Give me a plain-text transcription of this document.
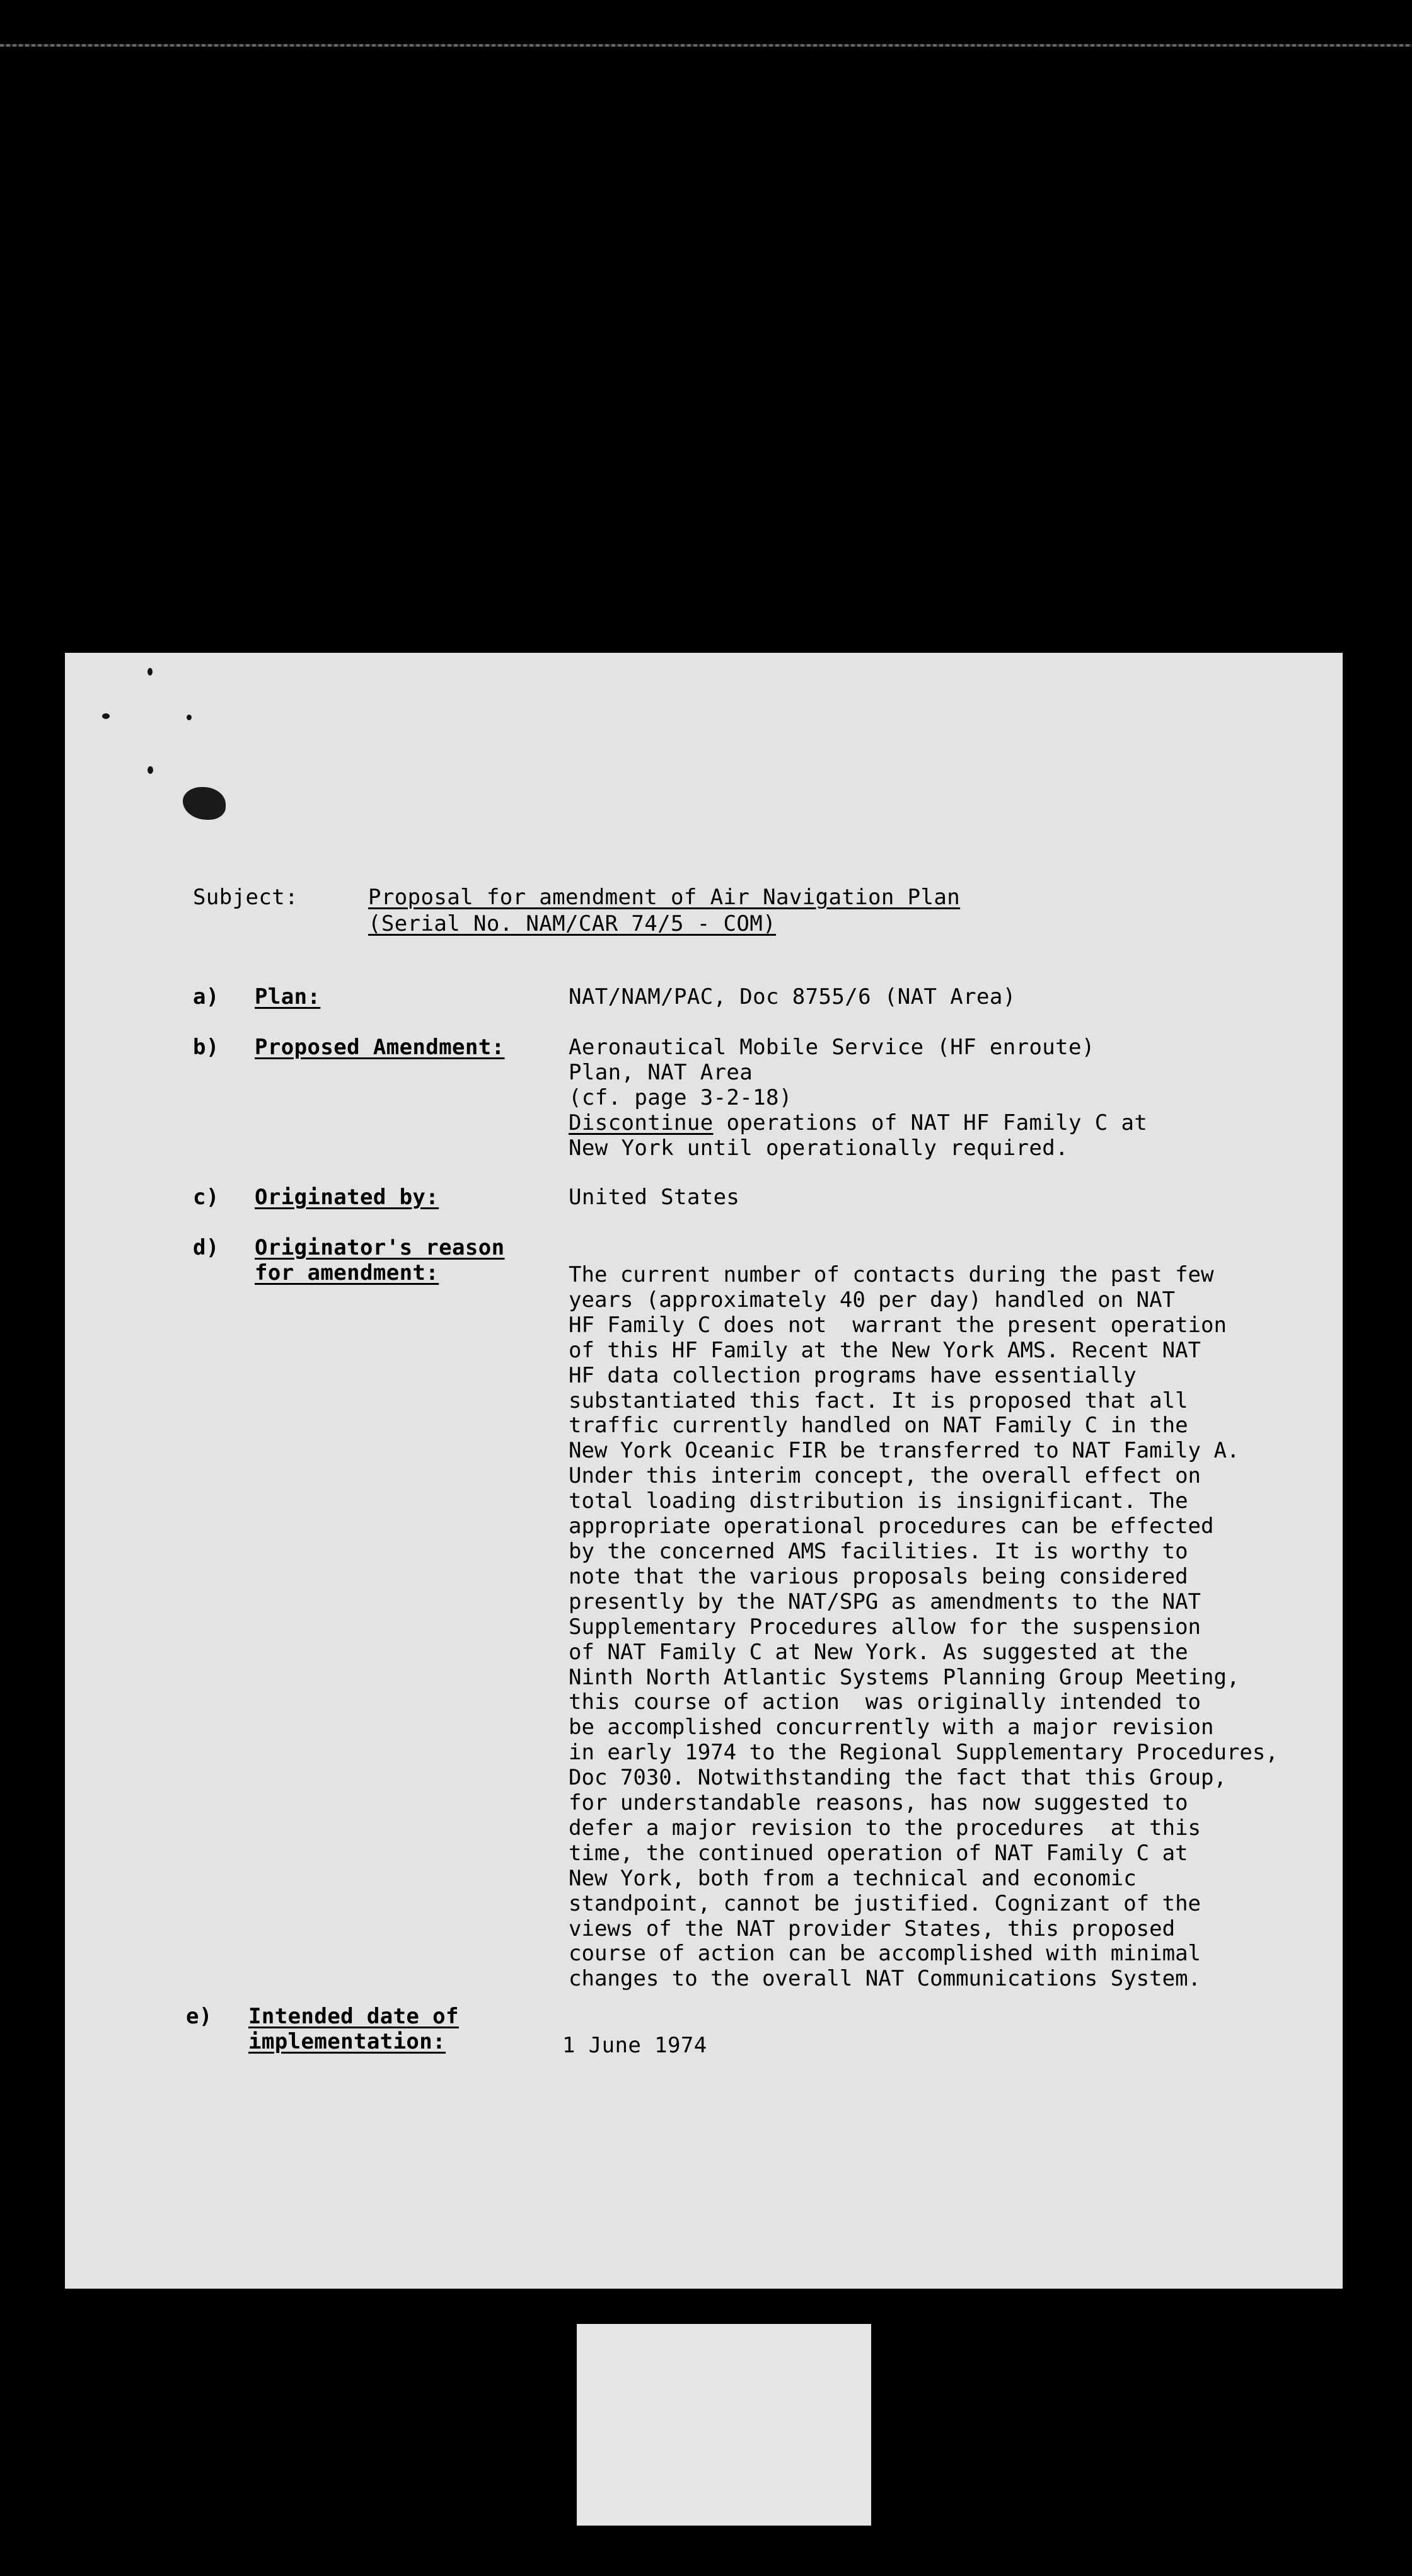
Subject:	Proposal for amendment of Air Navigation Plan
(Serial No. NAM/CAR 74/5 - COM)
a) Plan:	NAT/NAM/PAC, Doc 8755/6 (NAT Area)
b) Proposed Amendment:	Aeronautical Mobile Service (HF enroute)
Plan, NAT Area
(cf. page 3-2-18)
Discontinue operations of NAT HF Family C at
New York until operationally required.
c) Originated by:	United States
d) Originator's reason
for amendment:	The current number of contacts during the past few
years (approximately 40 per day) handled on NAT
HF Family C does not  warrant the present operation
of this HF Family at the New York AMS. Recent NAT
HF data collection programs have essentially
substantiated this fact. It is proposed that all
traffic currently handled on NAT Family C in the
New York Oceanic FIR be transferred to NAT Family A.
Under this interim concept, the overall effect on
total loading distribution is insignificant. The
appropriate operational procedures can be effected
by the concerned AMS facilities. It is worthy to
note that the various proposals being considered
presently by the NAT/SPG as amendments to the NAT
Supplementary Procedures allow for the suspension
of NAT Family C at New York. As suggested at the
Ninth North Atlantic Systems Planning Group Meeting,
this course of action  was originally intended to
be accomplished concurrently with a major revision
in early 1974 to the Regional Supplementary Procedures,
Doc 7030. Notwithstanding the fact that this Group,
for understandable reasons, has now suggested to
defer a major revision to the procedures  at this
time, the continued operation of NAT Family C at
New York, both from a technical and economic
standpoint, cannot be justified. Cognizant of the
views of the NAT provider States, this proposed
course of action can be accomplished with minimal
changes to the overall NAT Communications System.
e) Intended date of
implementation:	1 June 1974
